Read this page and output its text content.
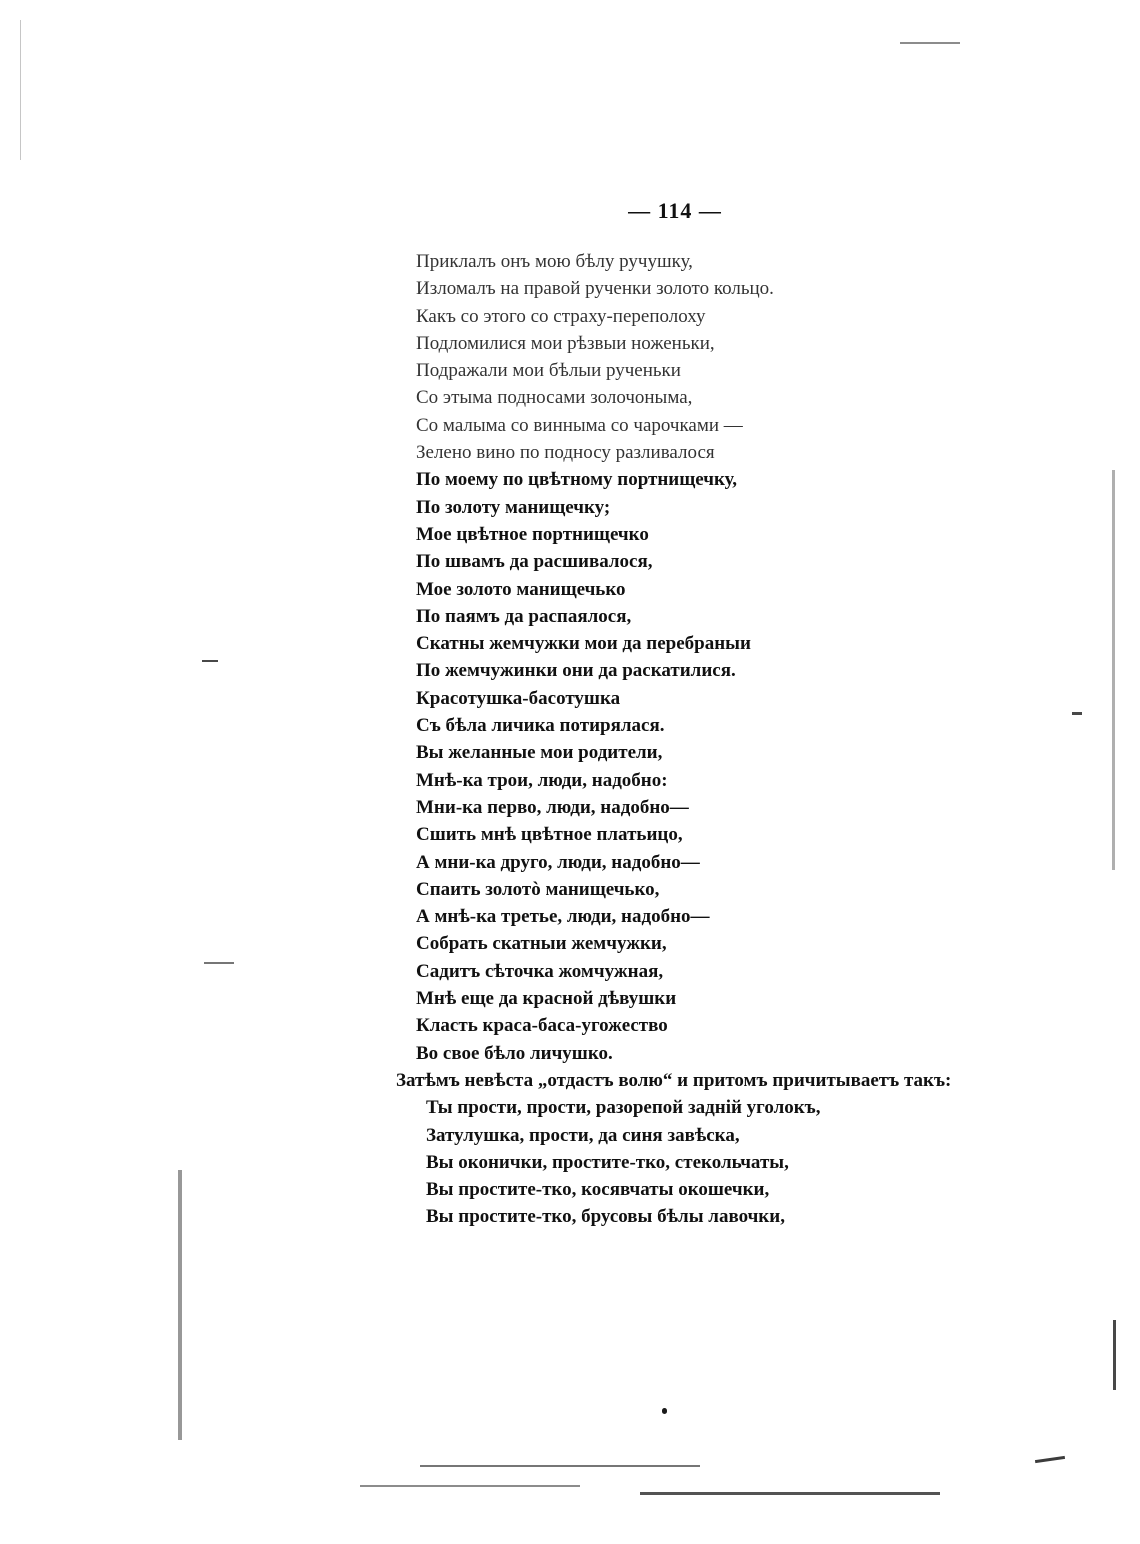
— 114 —
Приклалъ онъ мою бѣлу ручушку,
Изломалъ на правой рученки золото кольцо.
Какъ со этого со страху-переполоху
Подломилися мои рѣзвыи ноженьки,
Подражали мои бѣлыи рученьки
Со этыма подносами золочоныма,
Со малыма со винныма со чарочками —
Зелено вино по подносу разливалося
По моему по цвѣтному портнищечку,
По золоту манищечку;
Мое цвѣтное портнищечко
По швамъ да расшивалося,
Мое золото манищечько
По паямъ да распаялося,
Скатны жемчужки мои да перебраныи
По жемчужинки они да раскатилися.
Красотушка-басотушка
Съ бѣла личика потирялася.
Вы желанные мои родители,
Мнѣ-ка трои, люди, надобно:
Мни-ка перво, люди, надобно—
Сшить мнѣ цвѣтное платьицо,
А мни-ка друго, люди, надобно—
Спаить золотò манищечько,
А мнѣ-ка третье, люди, надобно—
Собрать скатныи жемчужки,
Садитъ сѣточка жомчужная,
Мнѣ еще да красной дѣвушки
Класть краса-баса-угожество
Во свое бѣло личушко.
Затѣмъ невѣста „отдастъ волю“ и притомъ причитываетъ такъ:
Ты прости, прости, разорепой заднiй уголокъ,
Затулушка, прости, да синя завѣска,
Вы оконички, простите-тко, стекольчаты,
Вы простите-тко, косявчаты окошечки,
Вы простите-тко, брусовы бѣлы лавочки,
